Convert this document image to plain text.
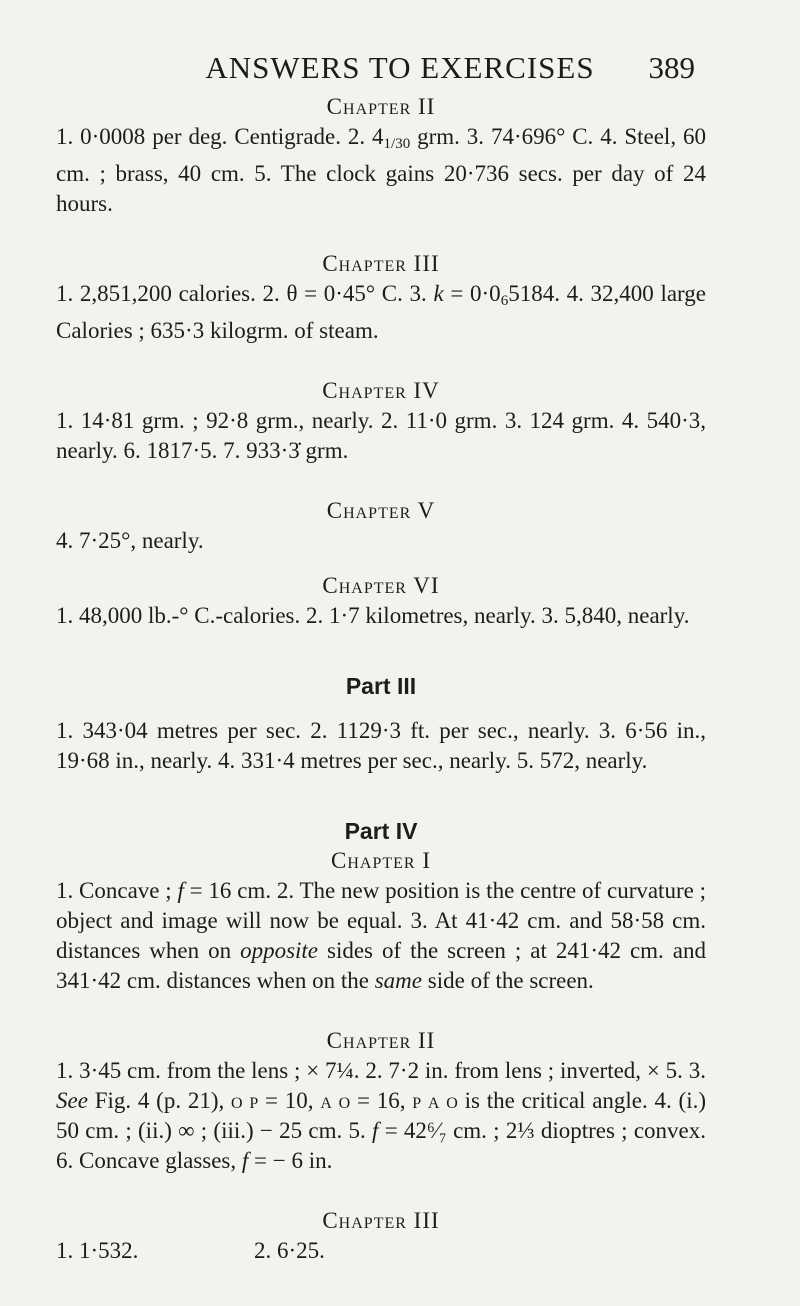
ANSWERS TO EXERCISES	389
Chapter II

1. 0·0008 per deg. Centigrade. 2. $4_{1/30}$ grm. 3. 74·696° C. 4. Steel, 60 cm. ; brass, 40 cm. 5. The clock gains 20·736 secs. per day of 24 hours.

Chapter III

1. 2,851,200 calories. 2. θ = 0·45° C. 3. $k = 0\cdot 0_65184$. 4. 32,400 large Calories ; 635·3 kilogrm. of steam.

Chapter IV

1. 14·81 grm. ; 92·8 grm., nearly. 2. 11·0 grm. 3. 124 grm. 4. 540·3, nearly. 6. 1817·5. 7. 933·3̇ grm.

Chapter V

4. 7·25°, nearly.

Chapter VI

1. 48,000 lb.-° C.-calories. 2. 1·7 kilometres, nearly. 3. 5,840, nearly.

Part III

1. 343·04 metres per sec. 2. 1129·3 ft. per sec., nearly. 3. 6·56 in., 19·68 in., nearly. 4. 331·4 metres per sec., nearly. 5. 572, nearly.

Part IV
Chapter I

1. Concave ; f = 16 cm. 2. The new position is the centre of curvature ; object and image will now be equal. 3. At 41·42 cm. and 58·58 cm. distances when on opposite sides of the screen ; at 241·42 cm. and 341·42 cm. distances when on the same side of the screen.

Chapter II

1. 3·45 cm. from the lens ; × 7¼. 2. 7·2 in. from lens ; inverted, × 5. 3. See Fig. 4 (p. 21), o p = 10, a o = 16, p a o is the critical angle. 4. (i.) 50 cm. ; (ii.) ∞ ; (iii.) − 25 cm. 5. f = 42⁶⁄₇ cm. ; 2⅓ dioptres ; convex. 6. Concave glasses, f = − 6 in.

Chapter III
1. 1·532.	2. 6·25.
